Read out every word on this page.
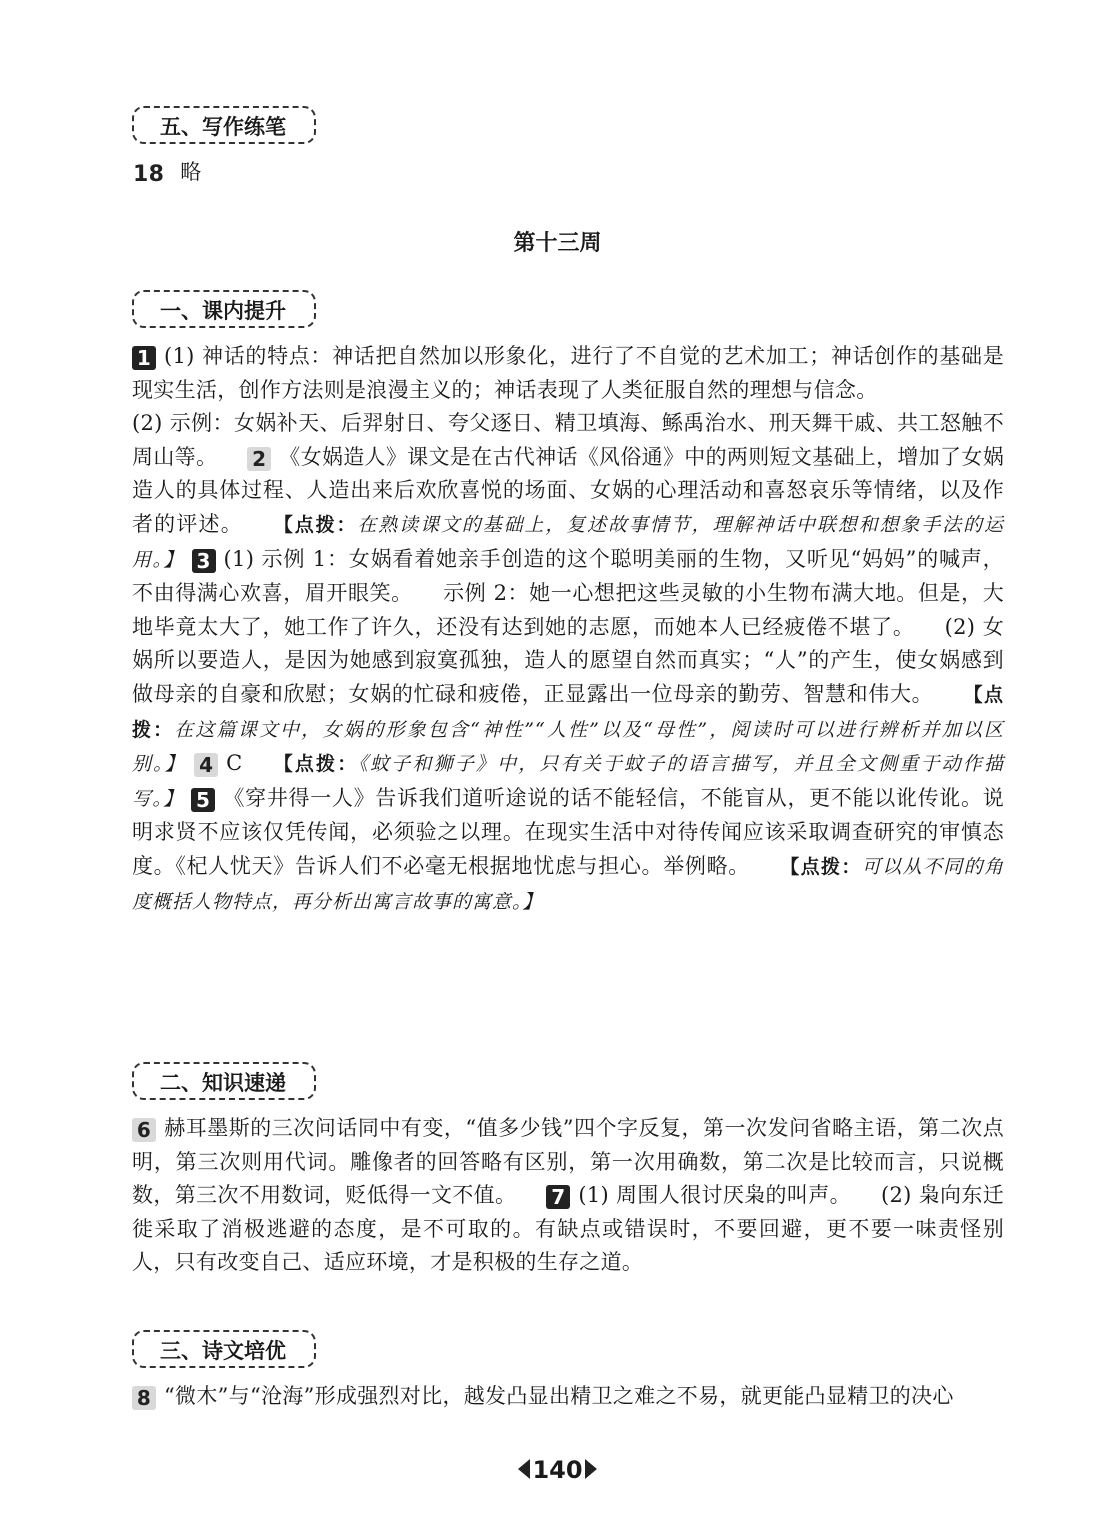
五、写作练笔
18 略
第十三周
一、课内提升
1 (1) 神话的特点：神话把自然加以形象化，进行了不自觉的艺术加工；神话创作的基础是现实生活，创作方法则是浪漫主义的；神话表现了人类征服自然的理想与信念。
(2) 示例：女娲补天、后羿射日、夸父逐日、精卫填海、鲧禹治水、刑天舞干戚、共工怒触不周山等。 2 《女娲造人》课文是在古代神话《风俗通》中的两则短文基础上，增加了女娲造人的具体过程、人造出来后欢欣喜悦的场面、女娲的心理活动和喜怒哀乐等情绪，以及作者的评述。 【点拨：在熟读课文的基础上，复述故事情节，理解神话中联想和想象手法的运用。】 3 (1) 示例 1：女娲看着她亲手创造的这个聪明美丽的生物，又听见“妈妈”的喊声，不由得满心欢喜，眉开眼笑。 示例 2：她一心想把这些灵敏的小生物布满大地。但是，大地毕竟太大了，她工作了许久，还没有达到她的志愿，而她本人已经疲倦不堪了。 (2) 女娲所以要造人，是因为她感到寂寞孤独，造人的愿望自然而真实；“人”的产生，使女娲感到做母亲的自豪和欣慰；女娲的忙碌和疲倦，正显露出一位母亲的勤劳、智慧和伟大。 【点拨：在这篇课文中，女娲的形象包含“神性”“人性”以及“母性”，阅读时可以进行辨析并加以区别。】 4 C 【点拨：《蚊子和狮子》中，只有关于蚊子的语言描写，并且全文侧重于动作描写。】 5 《穿井得一人》告诉我们道听途说的话不能轻信，不能盲从，更不能以讹传讹。说明求贤不应该仅凭传闻，必须验之以理。在现实生活中对待传闻应该采取调查研究的审慎态度。《杞人忧天》告诉人们不必毫无根据地忧虑与担心。举例略。 【点拨：可以从不同的角度概括人物特点，再分析出寓言故事的寓意。】
二、知识速递
6 赫耳墨斯的三次问话同中有变，“值多少钱”四个字反复，第一次发问省略主语，第二次点明，第三次则用代词。雕像者的回答略有区别，第一次用确数，第二次是比较而言，只说概数，第三次不用数词，贬低得一文不值。 7 (1) 周围人很讨厌枭的叫声。 (2) 枭向东迁徙采取了消极逃避的态度，是不可取的。有缺点或错误时，不要回避，更不要一味责怪别人，只有改变自己、适应环境，才是积极的生存之道。
三、诗文培优
8 “微木”与“沧海”形成强烈对比，越发凸显出精卫之难之不易，就更能凸显精卫的决心
140
